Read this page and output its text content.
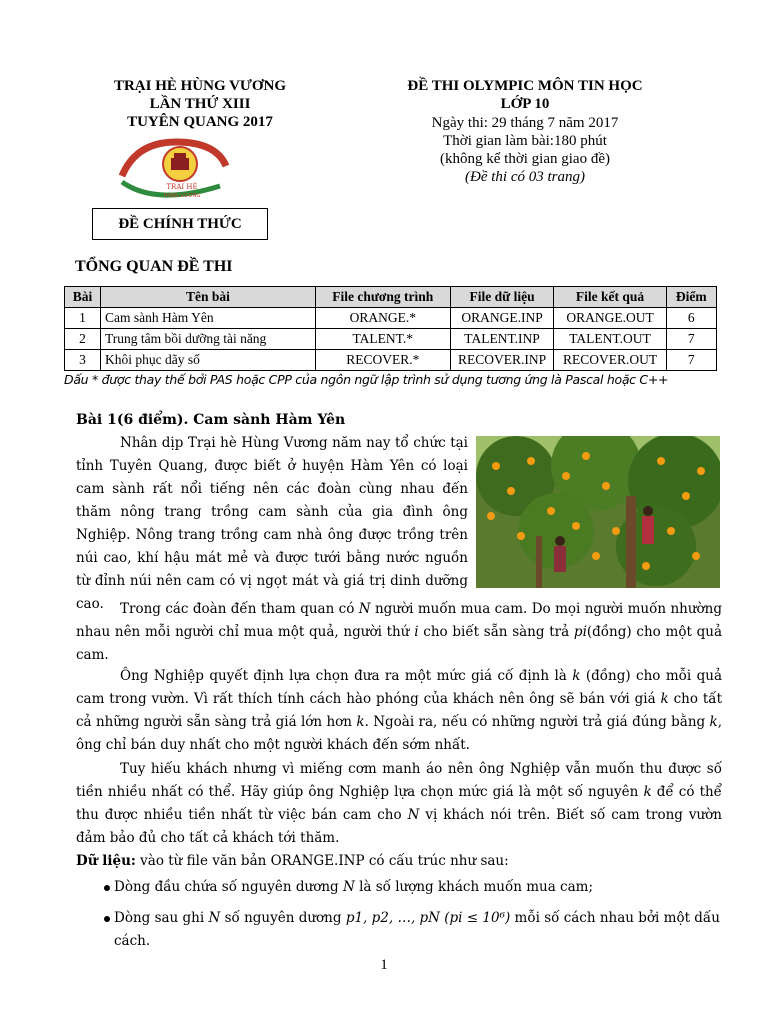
TRẠI HÈ HÙNG VƯƠNG
LẦN THỨ XIII
TUYÊN QUANG 2017
TRẠI HÈ
HÙNG VƯƠNG
ĐỀ CHÍNH THỨC
ĐỀ THI OLYMPIC MÔN TIN HỌC
LỚP 10
Ngày thi: 29 tháng 7 năm 2017
Thời gian làm bài:180 phút
(không kể thời gian giao đề)
(Đề thi có 03 trang)
TỔNG QUAN ĐỀ THI
Bài	Tên bài	File chương trình	File dữ liệu	File kết quả	Điểm
1	Cam sành Hàm Yên	ORANGE.*	ORANGE.INP	ORANGE.OUT	6
2	Trung tâm bồi dưỡng tài năng	TALENT.*	TALENT.INP	TALENT.OUT	7
3	Khôi phục dãy số	RECOVER.*	RECOVER.INP	RECOVER.OUT	7
Dấu * được thay thế bởi PAS hoặc CPP của ngôn ngữ lập trình sử dụng tương ứng là Pascal hoặc C++
Bài 1(6 điểm). Cam sành Hàm Yên
Nhân dịp Trại hè Hùng Vương năm nay tổ chức tại tỉnh Tuyên Quang, được biết ở huyện Hàm Yên có loại cam sành rất nổi tiếng nên các đoàn cùng nhau đến thăm nông trang trồng cam sành của gia đình ông Nghiệp. Nông trang trồng cam nhà ông được trồng trên núi cao, khí hậu mát mẻ và được tưới bằng nước nguồn từ đỉnh núi nên cam có vị ngọt mát và giá trị dinh dưỡng cao.	Trong các đoàn đến tham quan có N người muốn mua cam. Do mọi người muốn nhường nhau nên mỗi người chỉ mua một quả, người thứ i cho biết sẵn sàng trả pi(đồng) cho một quả cam.
Ông Nghiệp quyết định lựa chọn đưa ra một mức giá cố định là k (đồng) cho mỗi quả cam trong vườn. Vì rất thích tính cách hào phóng của khách nên ông sẽ bán với giá k cho tất cả những người sẵn sàng trả giá lớn hơn k. Ngoài ra, nếu có những người trả giá đúng bằng k, ông chỉ bán duy nhất cho một người khách đến sớm nhất.
Tuy hiếu khách nhưng vì miếng cơm manh áo nên ông Nghiệp vẫn muốn thu được số tiền nhiều nhất có thể. Hãy giúp ông Nghiệp lựa chọn mức giá là một số nguyên k để có thể thu được nhiều tiền nhất từ việc bán cam cho N vị khách nói trên. Biết số cam trong vườn đảm bảo đủ cho tất cả khách tới thăm.
Dữ liệu: vào từ file văn bản ORANGE.INP có cấu trúc như sau:
Dòng đầu chứa số nguyên dương N là số lượng khách muốn mua cam;
Dòng sau ghi N số nguyên dương p1, p2, …, pN (pi ≤ 10⁶) mỗi số cách nhau bởi một dấu cách.
1
